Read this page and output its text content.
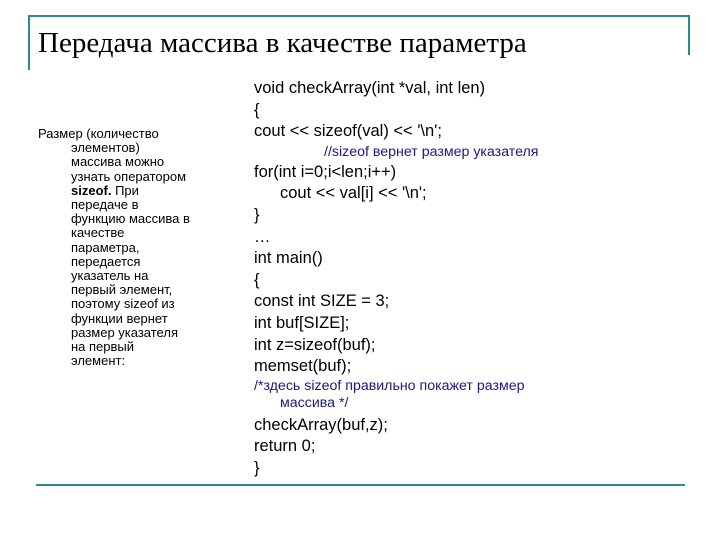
Передача массива в качестве параметра
Размер (количество
элементов)
массива можно
узнать оператором
sizeof. При
передаче в
функцию массива в
качестве
параметра,
передается
указатель на
первый элемент,
поэтому sizeof из
функции вернет
размер указателя
на первый
элемент:
void checkArray(int *val, int len)
{
cout << sizeof(val) << '\n';
//sizeof вернет размер указателя
for(int i=0;i<len;i++)
cout << val[i] << '\n';
}
…
int main()
{
const int SIZE = 3;
int buf[SIZE];
int z=sizeof(buf);
memset(buf);
/*здесь sizeof правильно покажет размер
массива */
checkArray(buf,z);
return 0;
}
